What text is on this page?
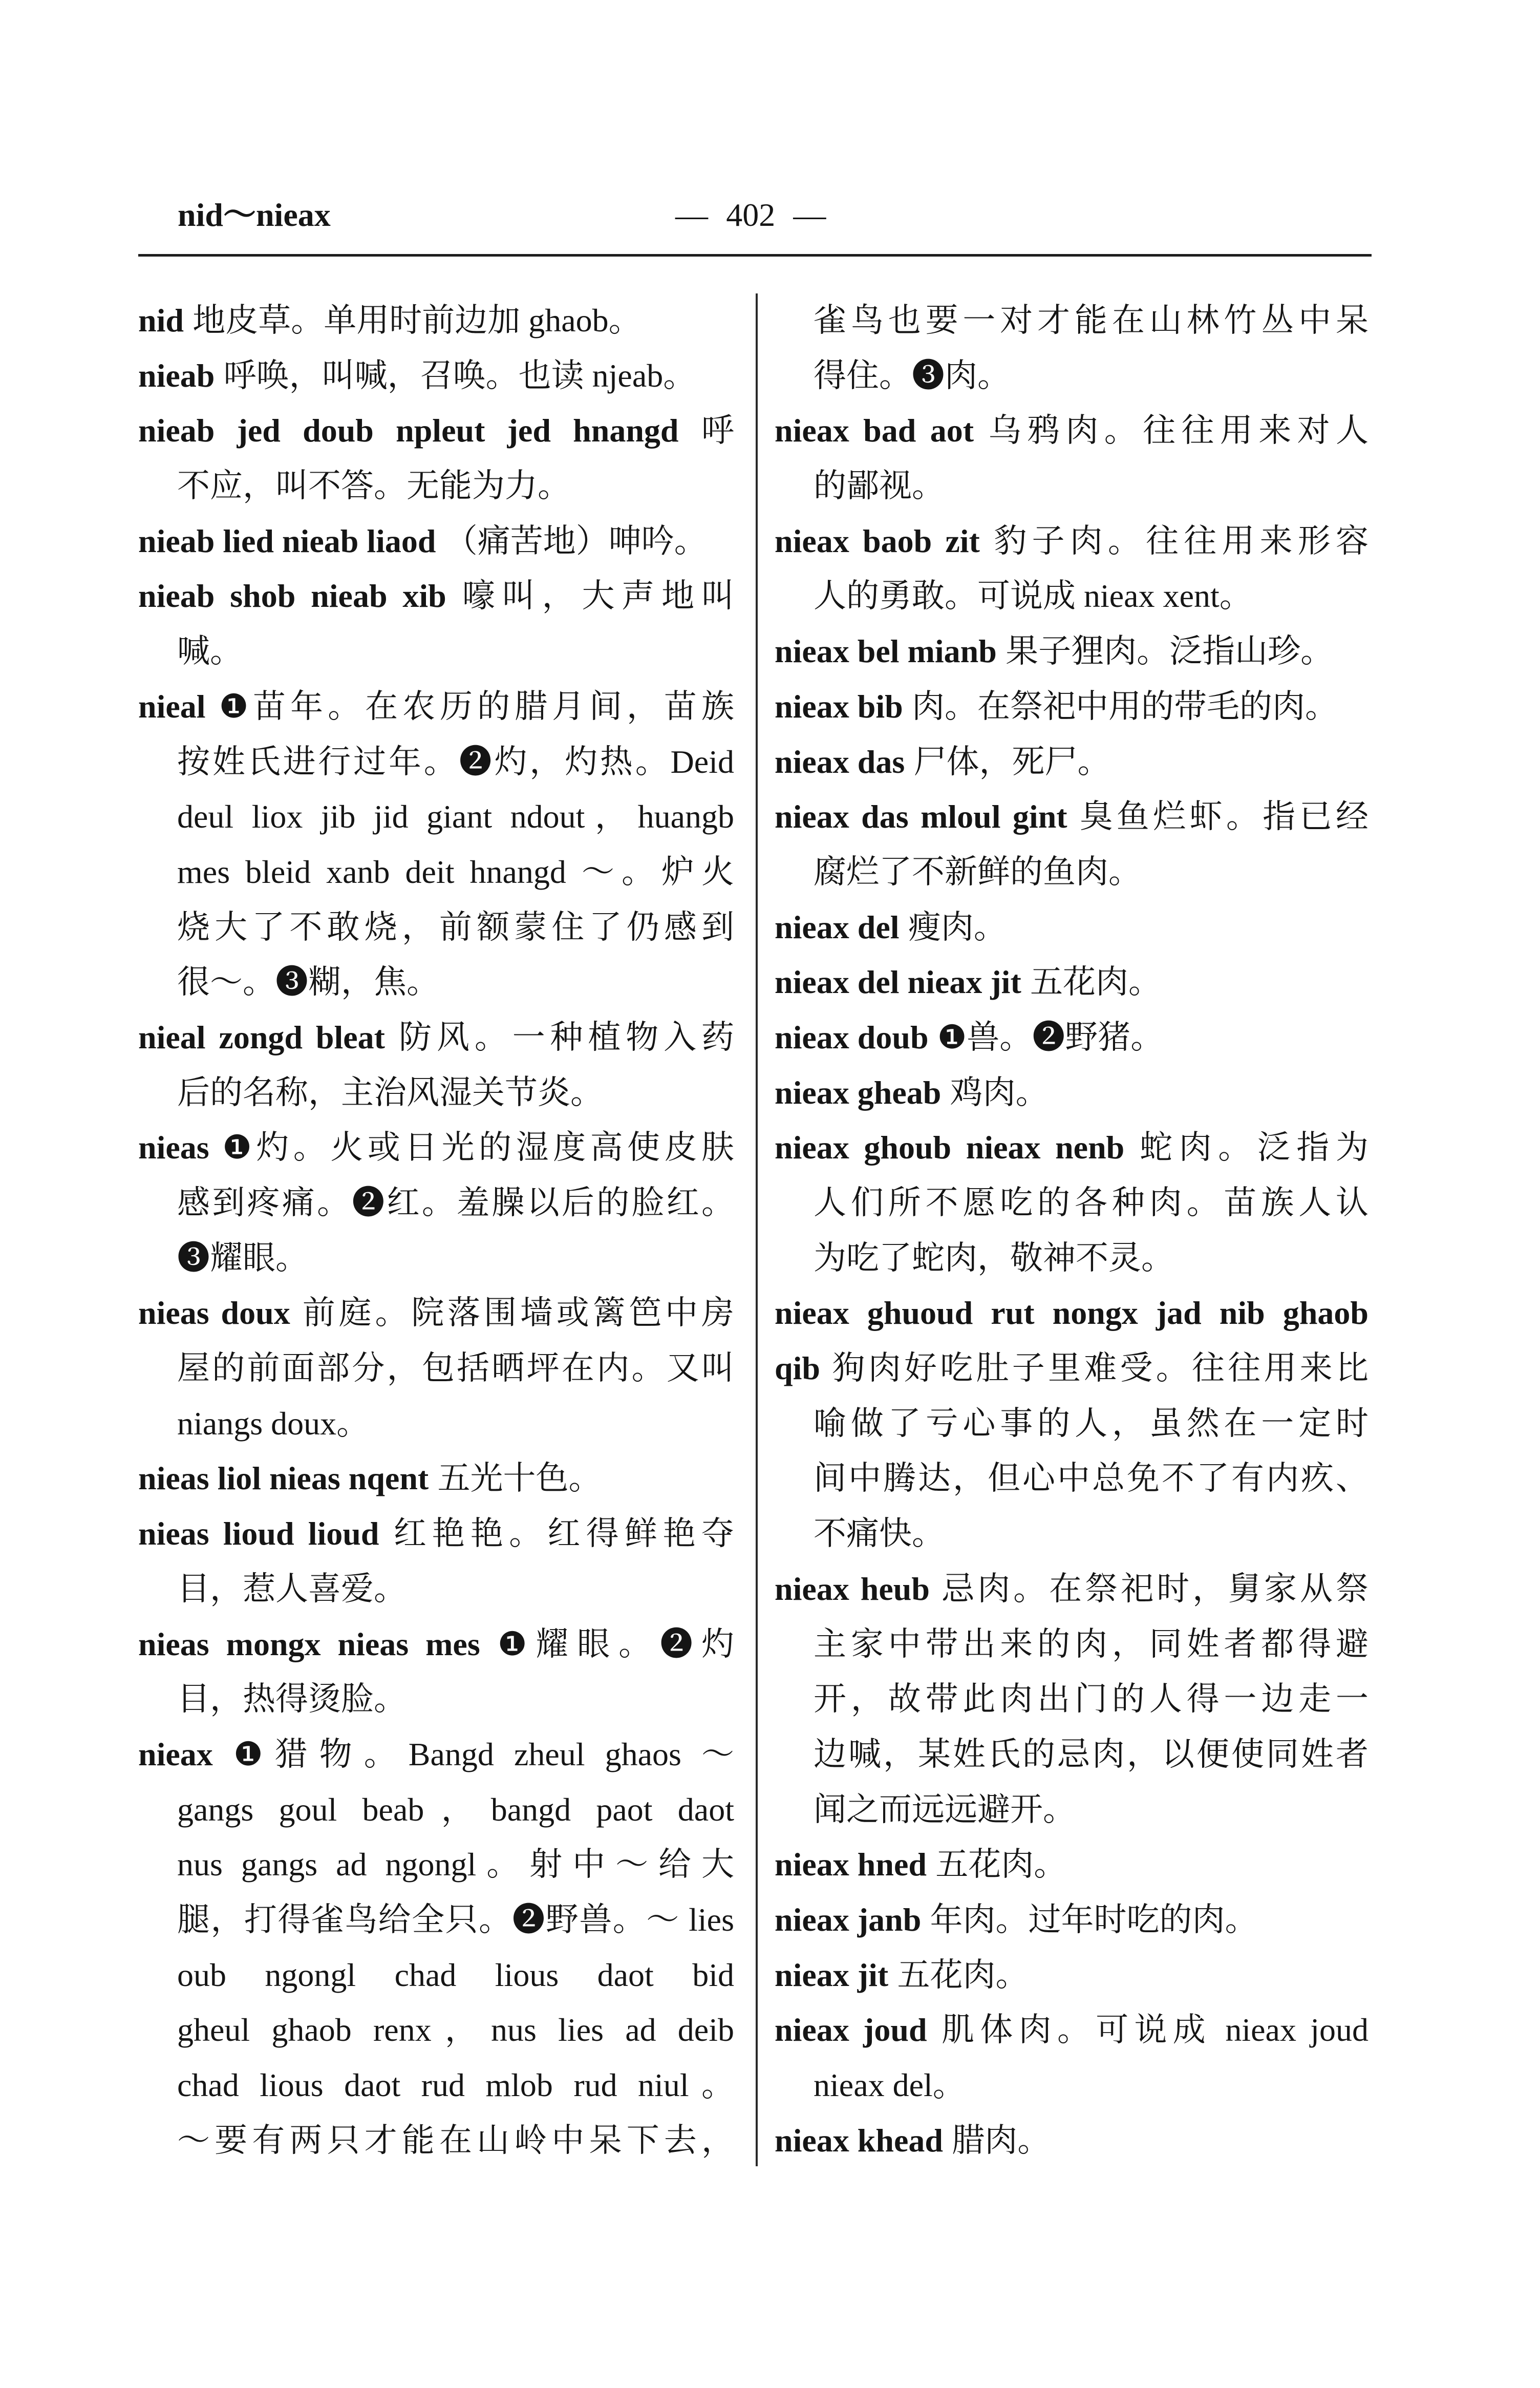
nid～nieax	— 402 —
nid 地皮草。单用时前边加 ghaob。
nieab 呼唤，叫喊，召唤。也读 njeab。
nieab jed doub npleut jed hnangd 呼
不应，叫不答。无能为力。
nieab lied nieab liaod （痛苦地）呻吟。
nieab shob nieab xib 嚎叫，大声地叫
喊。
nieal ❶苗年。在农历的腊月间，苗族
按姓氏进行过年。❷灼，灼热。Deid
deul liox jib jid giant ndout，huangb
mes bleid xanb deit hnangd ～。炉火
烧大了不敢烧，前额蒙住了仍感到
很～。❸糊，焦。
nieal zongd bleat 防风。一种植物入药
后的名称，主治风湿关节炎。
nieas ❶灼。火或日光的湿度高使皮肤
感到疼痛。❷红。羞臊以后的脸红。
❸耀眼。
nieas doux 前庭。院落围墙或篱笆中房
屋的前面部分，包括晒坪在内。又叫
niangs doux。
nieas liol nieas nqent 五光十色。
nieas lioud lioud 红艳艳。红得鲜艳夺
目，惹人喜爱。
nieas mongx nieas mes ❶耀眼。❷灼
目，热得烫脸。
nieax ❶猎物。Bangd zheul ghaos ～
gangs goul beab，bangd paot daot
nus gangs ad ngongl。射中～给大
腿，打得雀鸟给全只。❷野兽。～ lies
oub ngongl chad lious daot bid
gheul ghaob renx，nus lies ad deib
chad lious daot rud mlob rud niul。
～要有两只才能在山岭中呆下去，
雀鸟也要一对才能在山林竹丛中呆
得住。❸肉。
nieax bad aot 乌鸦肉。往往用来对人
的鄙视。
nieax baob zit 豹子肉。往往用来形容
人的勇敢。可说成 nieax xent。
nieax bel mianb 果子狸肉。泛指山珍。
nieax bib 肉。在祭祀中用的带毛的肉。
nieax das 尸体，死尸。
nieax das mloul gint 臭鱼烂虾。指已经
腐烂了不新鲜的鱼肉。
nieax del 瘦肉。
nieax del nieax jit 五花肉。
nieax doub ❶兽。❷野猪。
nieax gheab 鸡肉。
nieax ghoub nieax nenb 蛇肉。泛指为
人们所不愿吃的各种肉。苗族人认
为吃了蛇肉，敬神不灵。
nieax ghuoud rut nongx jad nib ghaob
qib 狗肉好吃肚子里难受。往往用来比
喻做了亏心事的人，虽然在一定时
间中腾达，但心中总免不了有内疚、
不痛快。
nieax heub 忌肉。在祭祀时，舅家从祭
主家中带出来的肉，同姓者都得避
开，故带此肉出门的人得一边走一
边喊，某姓氏的忌肉，以便使同姓者
闻之而远远避开。
nieax hned 五花肉。
nieax janb 年肉。过年时吃的肉。
nieax jit 五花肉。
nieax joud 肌体肉。可说成 nieax joud
nieax del。
nieax khead 腊肉。
